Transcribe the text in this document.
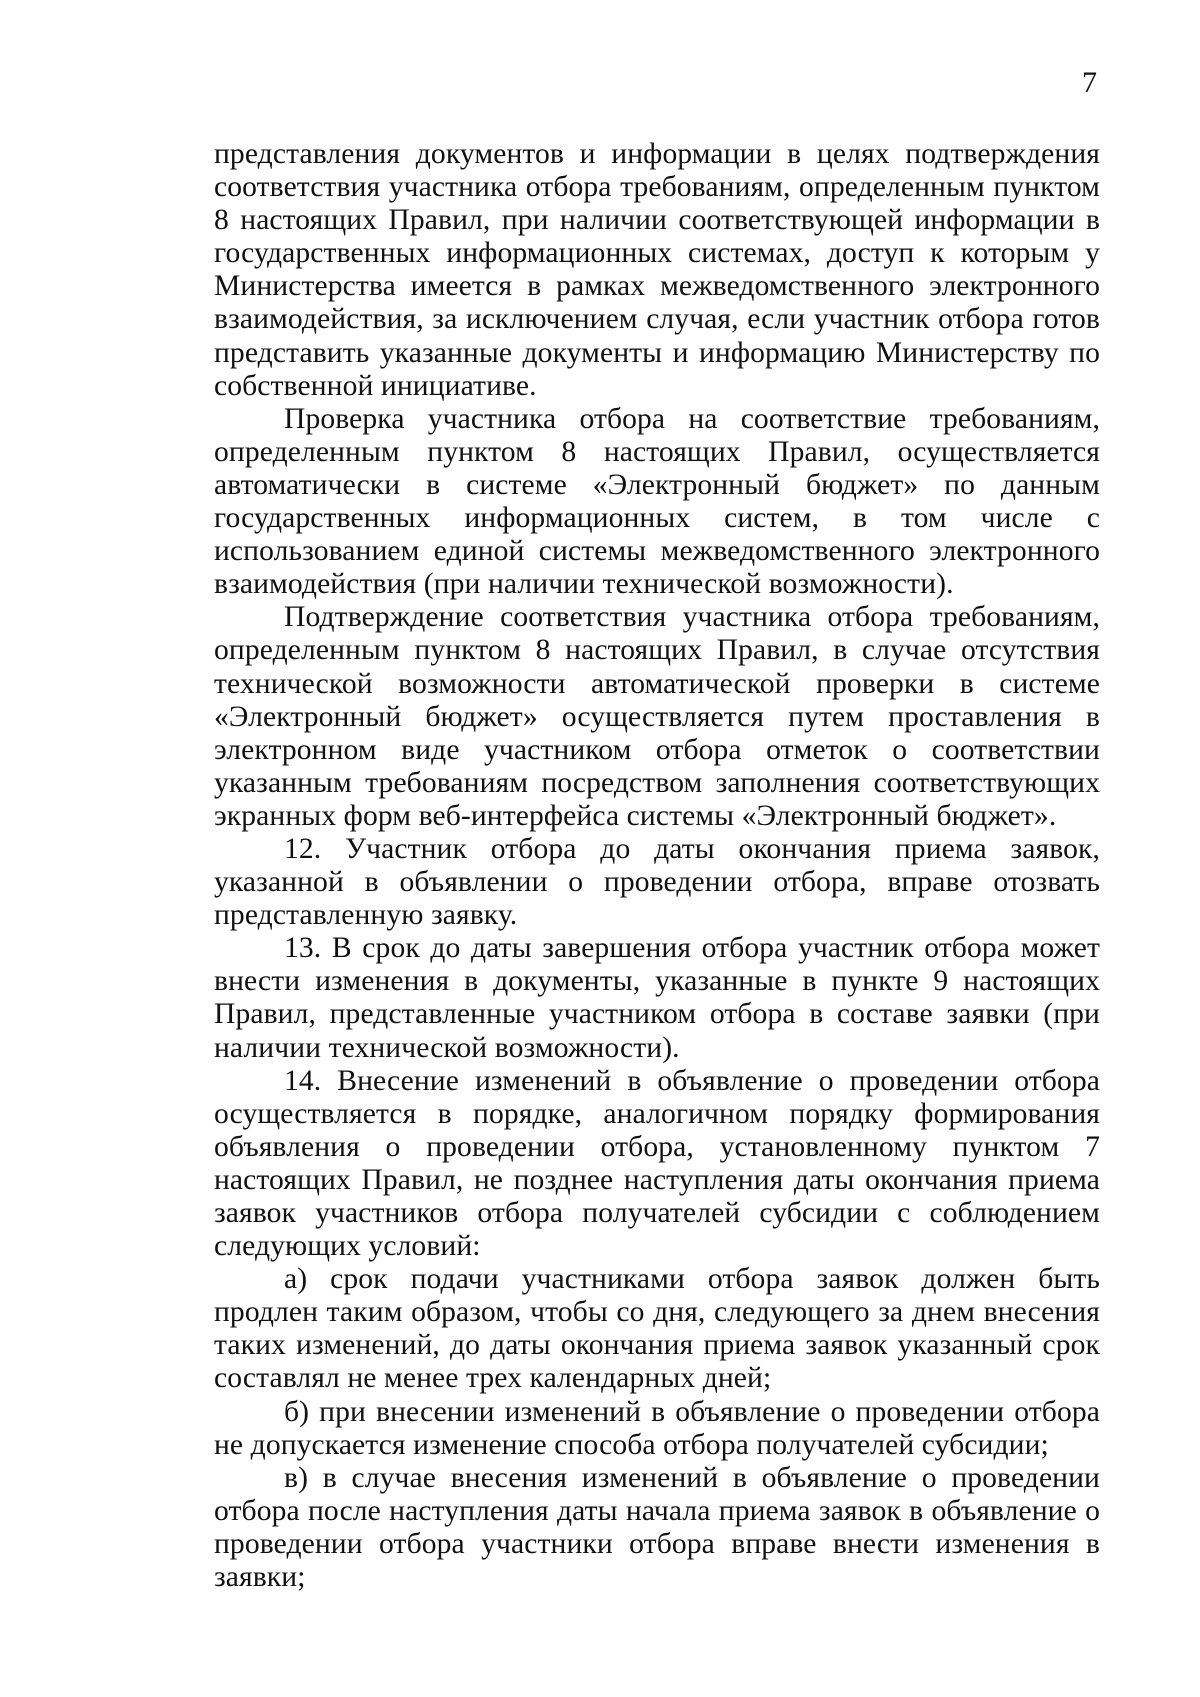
7

представления документов и информации в целях подтверждения соответствия участника отбора требованиям, определенным пунктом 8 настоящих Правил, при наличии соответствующей информации в государственных информационных системах, доступ к которым у Министерства имеется в рамках межведомственного электронного взаимодействия, за исключением случая, если участник отбора готов представить указанные документы и информацию Министерству по собственной инициативе.

Проверка участника отбора на соответствие требованиям, определенным пунктом 8 настоящих Правил, осуществляется автоматически в системе «Электронный бюджет» по данным государственных информационных систем, в том числе с использованием единой системы межведомственного электронного взаимодействия (при наличии технической возможности).

Подтверждение соответствия участника отбора требованиям, определенным пунктом 8 настоящих Правил, в случае отсутствия технической возможности автоматической проверки в системе «Электронный бюджет» осуществляется путем проставления в электронном виде участником отбора отметок о соответствии указанным требованиям посредством заполнения соответствующих экранных форм веб-интерфейса системы «Электронный бюджет».

12. Участник отбора до даты окончания приема заявок, указанной в объявлении о проведении отбора, вправе отозвать представленную заявку.

13. В срок до даты завершения отбора участник отбора может внести изменения в документы, указанные в пункте 9 настоящих Правил, представленные участником отбора в составе заявки (при наличии технической возможности).

14. Внесение изменений в объявление о проведении отбора осуществляется в порядке, аналогичном порядку формирования объявления о проведении отбора, установленному пунктом 7 настоящих Правил, не позднее наступления даты окончания приема заявок участников отбора получателей субсидии с соблюдением следующих условий:

а) срок подачи участниками отбора заявок должен быть продлен таким образом, чтобы со дня, следующего за днем внесения таких изменений, до даты окончания приема заявок указанный срок составлял не менее трех календарных дней;

б) при внесении изменений в объявление о проведении отбора не допускается изменение способа отбора получателей субсидии;

в) в случае внесения изменений в объявление о проведении отбора после наступления даты начала приема заявок в объявление о проведении отбора участники отбора вправе внести изменения в заявки;
